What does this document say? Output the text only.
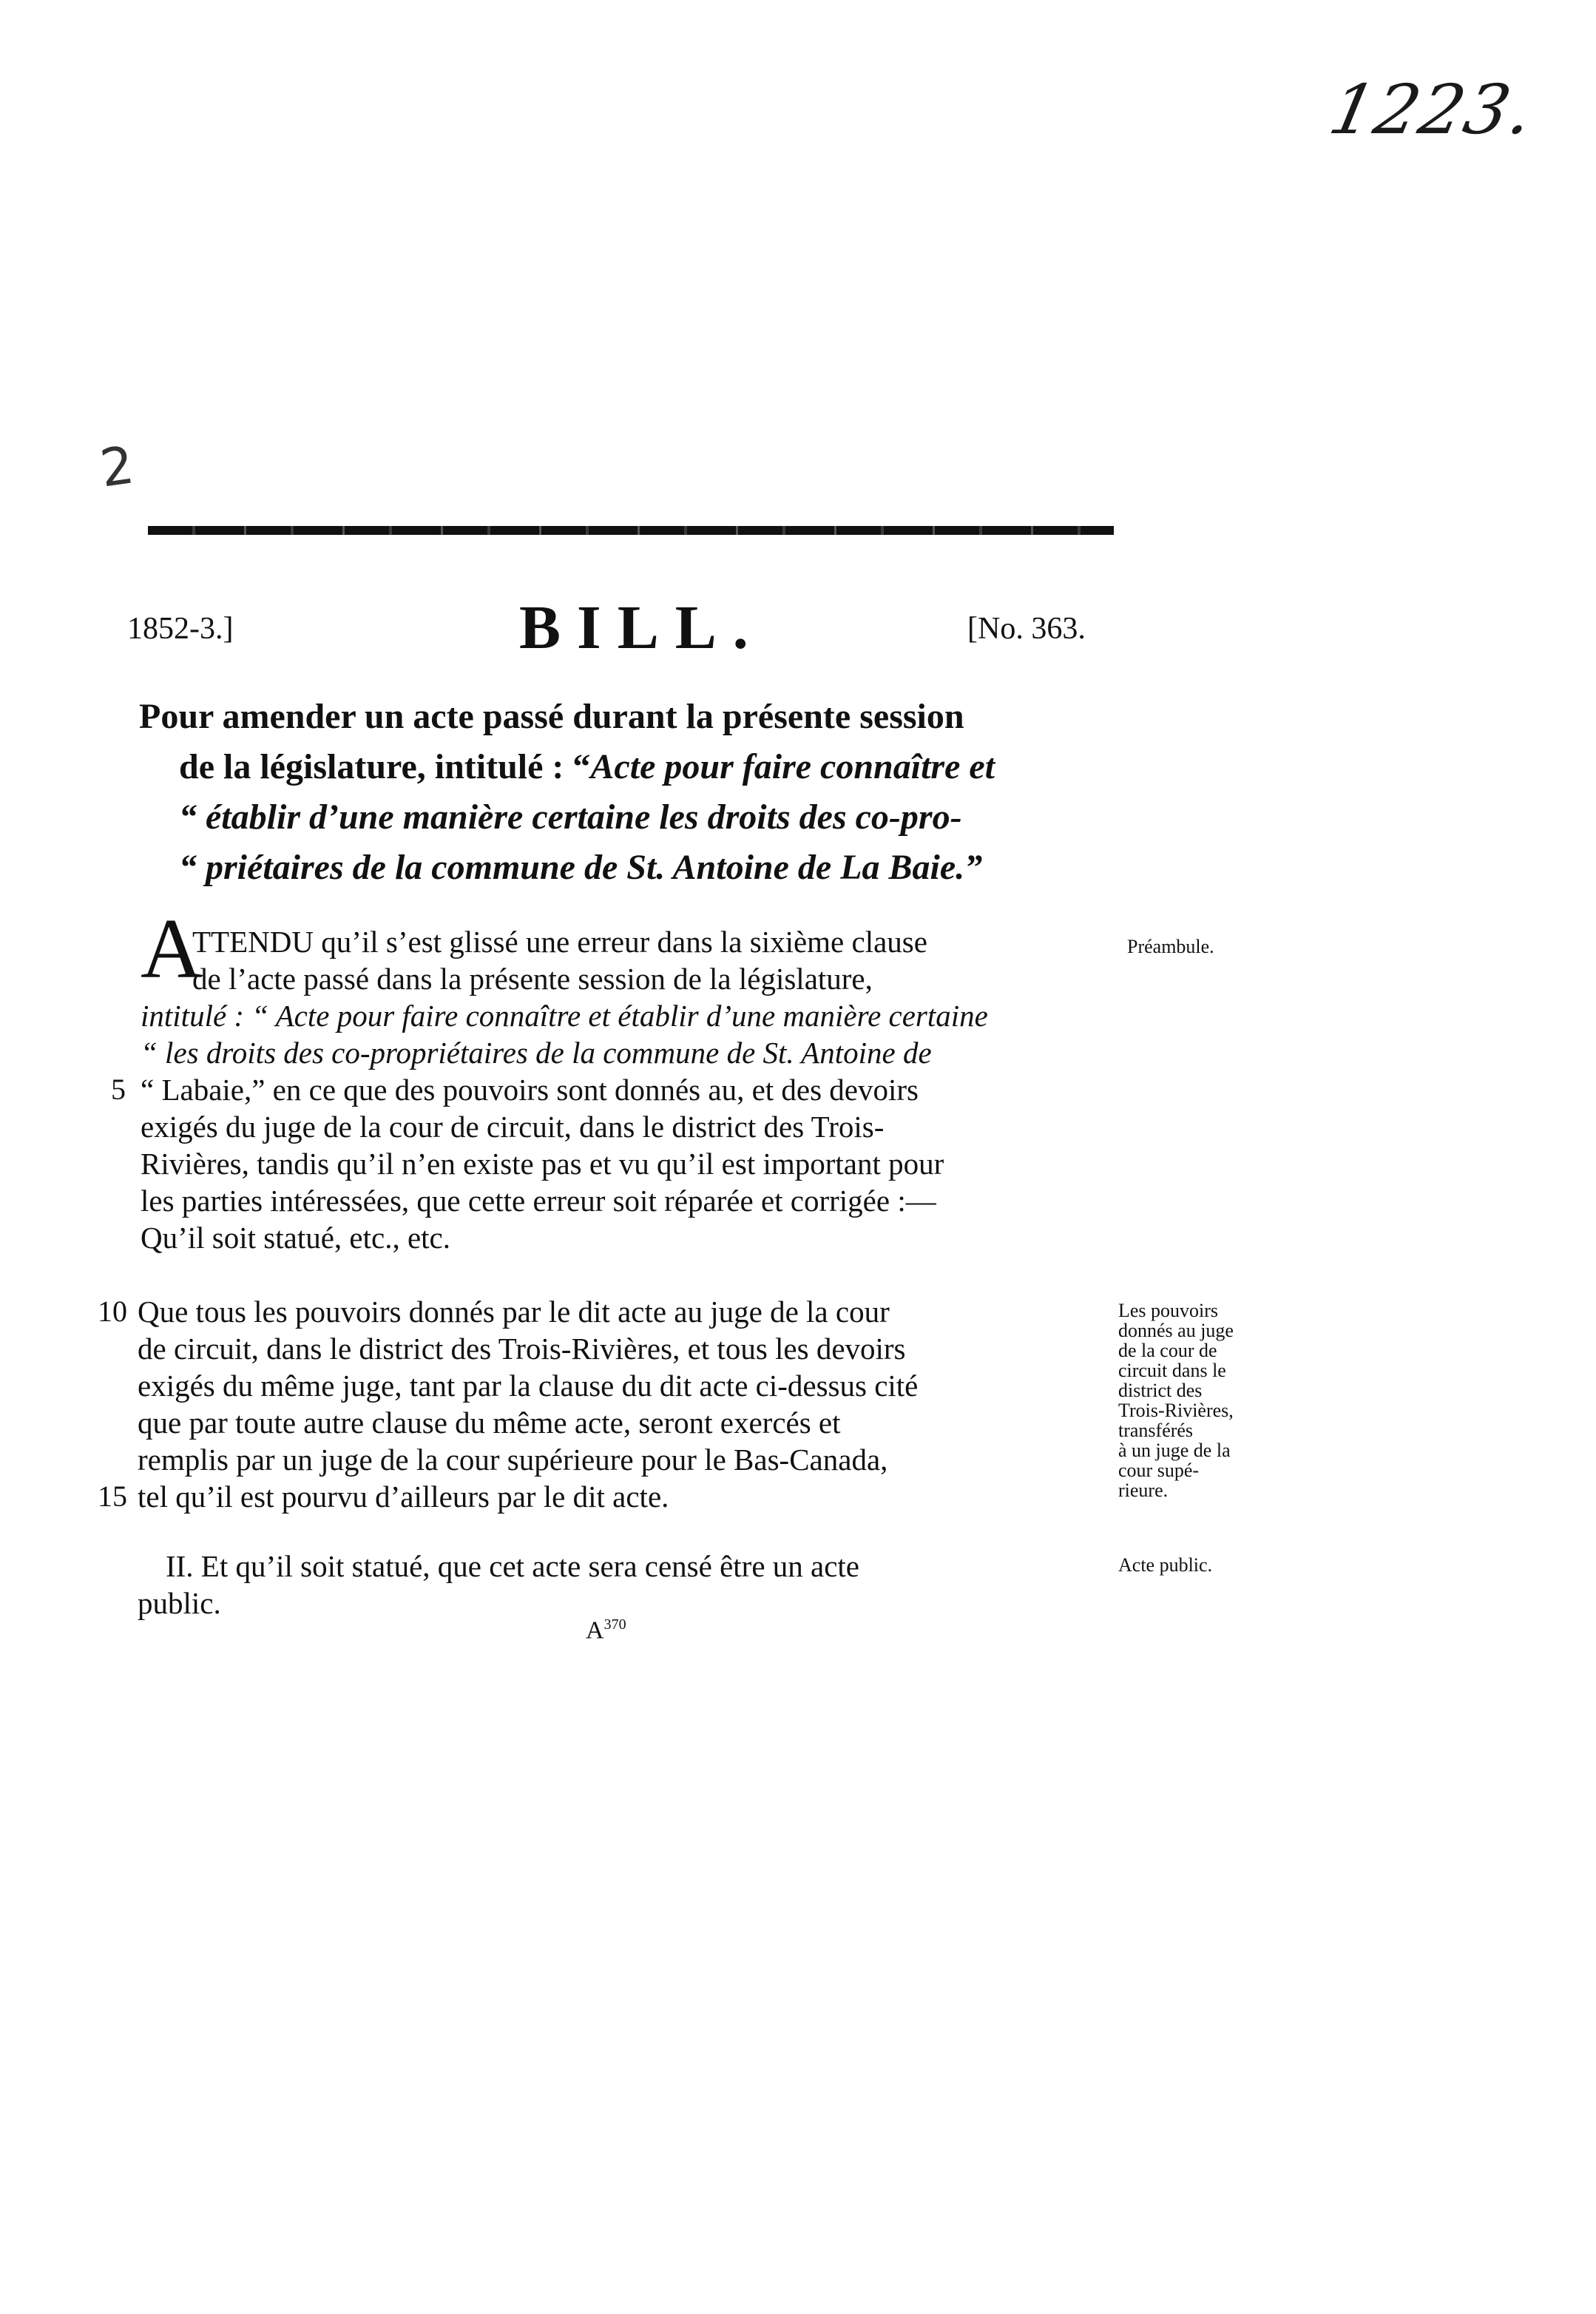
1223.
2
1852-3.]	BILL.	[No. 363.
Pour amender un acte passé durant la présente session
de la législature, intitulé : “Acte pour faire connaître et
“ établir d’une manière certaine les droits des co-pro-
“ priétaires de la commune de St. Antoine de La Baie.”
A
TTENDU qu’il s’est glissé une erreur dans la sixième clause
de l’acte passé dans la présente session de la législature,
intitulé : “ Acte pour faire connaître et établir d’une manière certaine
“ les droits des co-propriétaires de la commune de St. Antoine de
“ Labaie,” en ce que des pouvoirs sont donnés au, et des devoirs
exigés du juge de la cour de circuit, dans le district des Trois-
Rivières, tandis qu’il n’en existe pas et vu qu’il est important pour
les parties intéressées, que cette erreur soit réparée et corrigée :—
Qu’il soit statué, etc., etc.
5
Préambule.
Que tous les pouvoirs donnés par le dit acte au juge de la cour
de circuit, dans le district des Trois-Rivières, et tous les devoirs
exigés du même juge, tant par la clause du dit acte ci-dessus cité
que par toute autre clause du même acte, seront exercés et
remplis par un juge de la cour supérieure pour le Bas-Canada,
tel qu’il est pourvu d’ailleurs par le dit acte.
10
15
Les pouvoirs
donnés au juge
de la cour de
circuit dans le
district des
Trois-Rivières, transférés
à un juge de la
cour supé-
rieure.
II. Et qu’il soit statué, que cet acte sera censé être un acte
public.
Acte public.
$A^{370}$
